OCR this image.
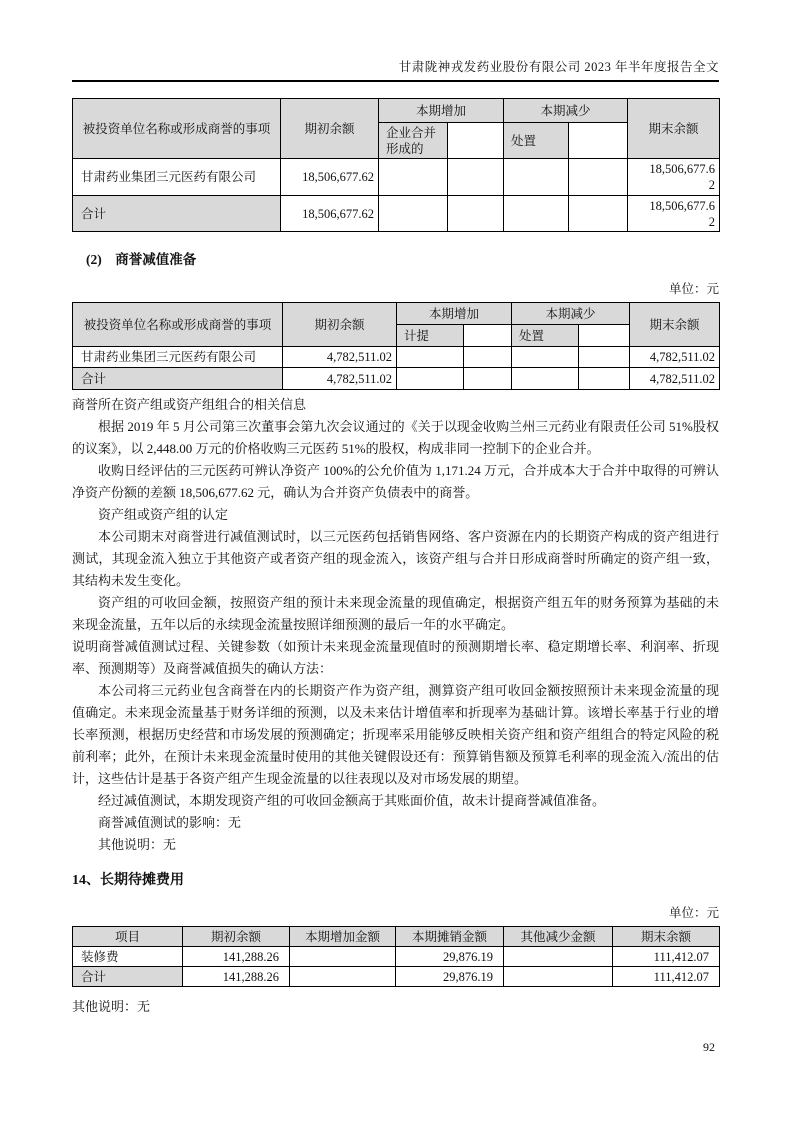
甘肃陇神戎发药业股份有限公司 2023 年半年度报告全文
被投资单位名称或形成商誉的事项	期初余额	本期增加		本期减少		期末余额
		企业合并形成的		处置		
甘肃药业集团三元医药有限公司	18,506,677.62					18,506,677.62
合计	18,506,677.62					18,506,677.62
(2)　商誉减值准备
单位：元
被投资单位名称或形成商誉的事项	期初余额	本期增加		本期减少		期末余额
		计提		处置		
甘肃药业集团三元医药有限公司	4,782,511.02					4,782,511.02
合计	4,782,511.02					4,782,511.02

商誉所在资产组或资产组组合的相关信息

根据 2019 年 5 月公司第三次董事会第九次会议通过的《关于以现金收购兰州三元药业有限责任公司 51%股权的议案》，以 2,448.00 万元的价格收购三元医药 51%的股权，构成非同一控制下的企业合并。

收购日经评估的三元医药可辨认净资产 100%的公允价值为 1,171.24 万元，合并成本大于合并中取得的可辨认净资产份额的差额 18,506,677.62 元，确认为合并资产负债表中的商誉。

资产组或资产组的认定

本公司期末对商誉进行减值测试时，以三元医药包括销售网络、客户资源在内的长期资产构成的资产组进行测试，其现金流入独立于其他资产或者资产组的现金流入，该资产组与合并日形成商誉时所确定的资产组一致，其结构未发生变化。

资产组的可收回金额，按照资产组的预计未来现金流量的现值确定，根据资产组五年的财务预算为基础的未来现金流量，五年以后的永续现金流量按照详细预测的最后一年的水平确定。

说明商誉减值测试过程、关键参数（如预计未来现金流量现值时的预测期增长率、稳定期增长率、利润率、折现率、预测期等）及商誉减值损失的确认方法：

本公司将三元药业包含商誉在内的长期资产作为资产组，测算资产组可收回金额按照预计未来现金流量的现值确定。未来现金流量基于财务详细的预测，以及未来估计增值率和折现率为基础计算。该增长率基于行业的增长率预测，根据历史经营和市场发展的预测确定；折现率采用能够反映相关资产组和资产组组合的特定风险的税前利率；此外，在预计未来现金流量时使用的其他关键假设还有：预算销售额及预算毛利率的现金流入/流出的估计，这些估计是基于各资产组产生现金流量的以往表现以及对市场发展的期望。

经过减值测试，本期发现资产组的可收回金额高于其账面价值，故未计提商誉减值准备。

商誉减值测试的影响：无

其他说明：无

14、长期待摊费用
单位：元
项目	期初余额	本期增加金额	本期摊销金额	其他减少金额	期末余额
装修费	141,288.26		29,876.19		111,412.07
合计	141,288.26		29,876.19		111,412.07
其他说明：无
92
